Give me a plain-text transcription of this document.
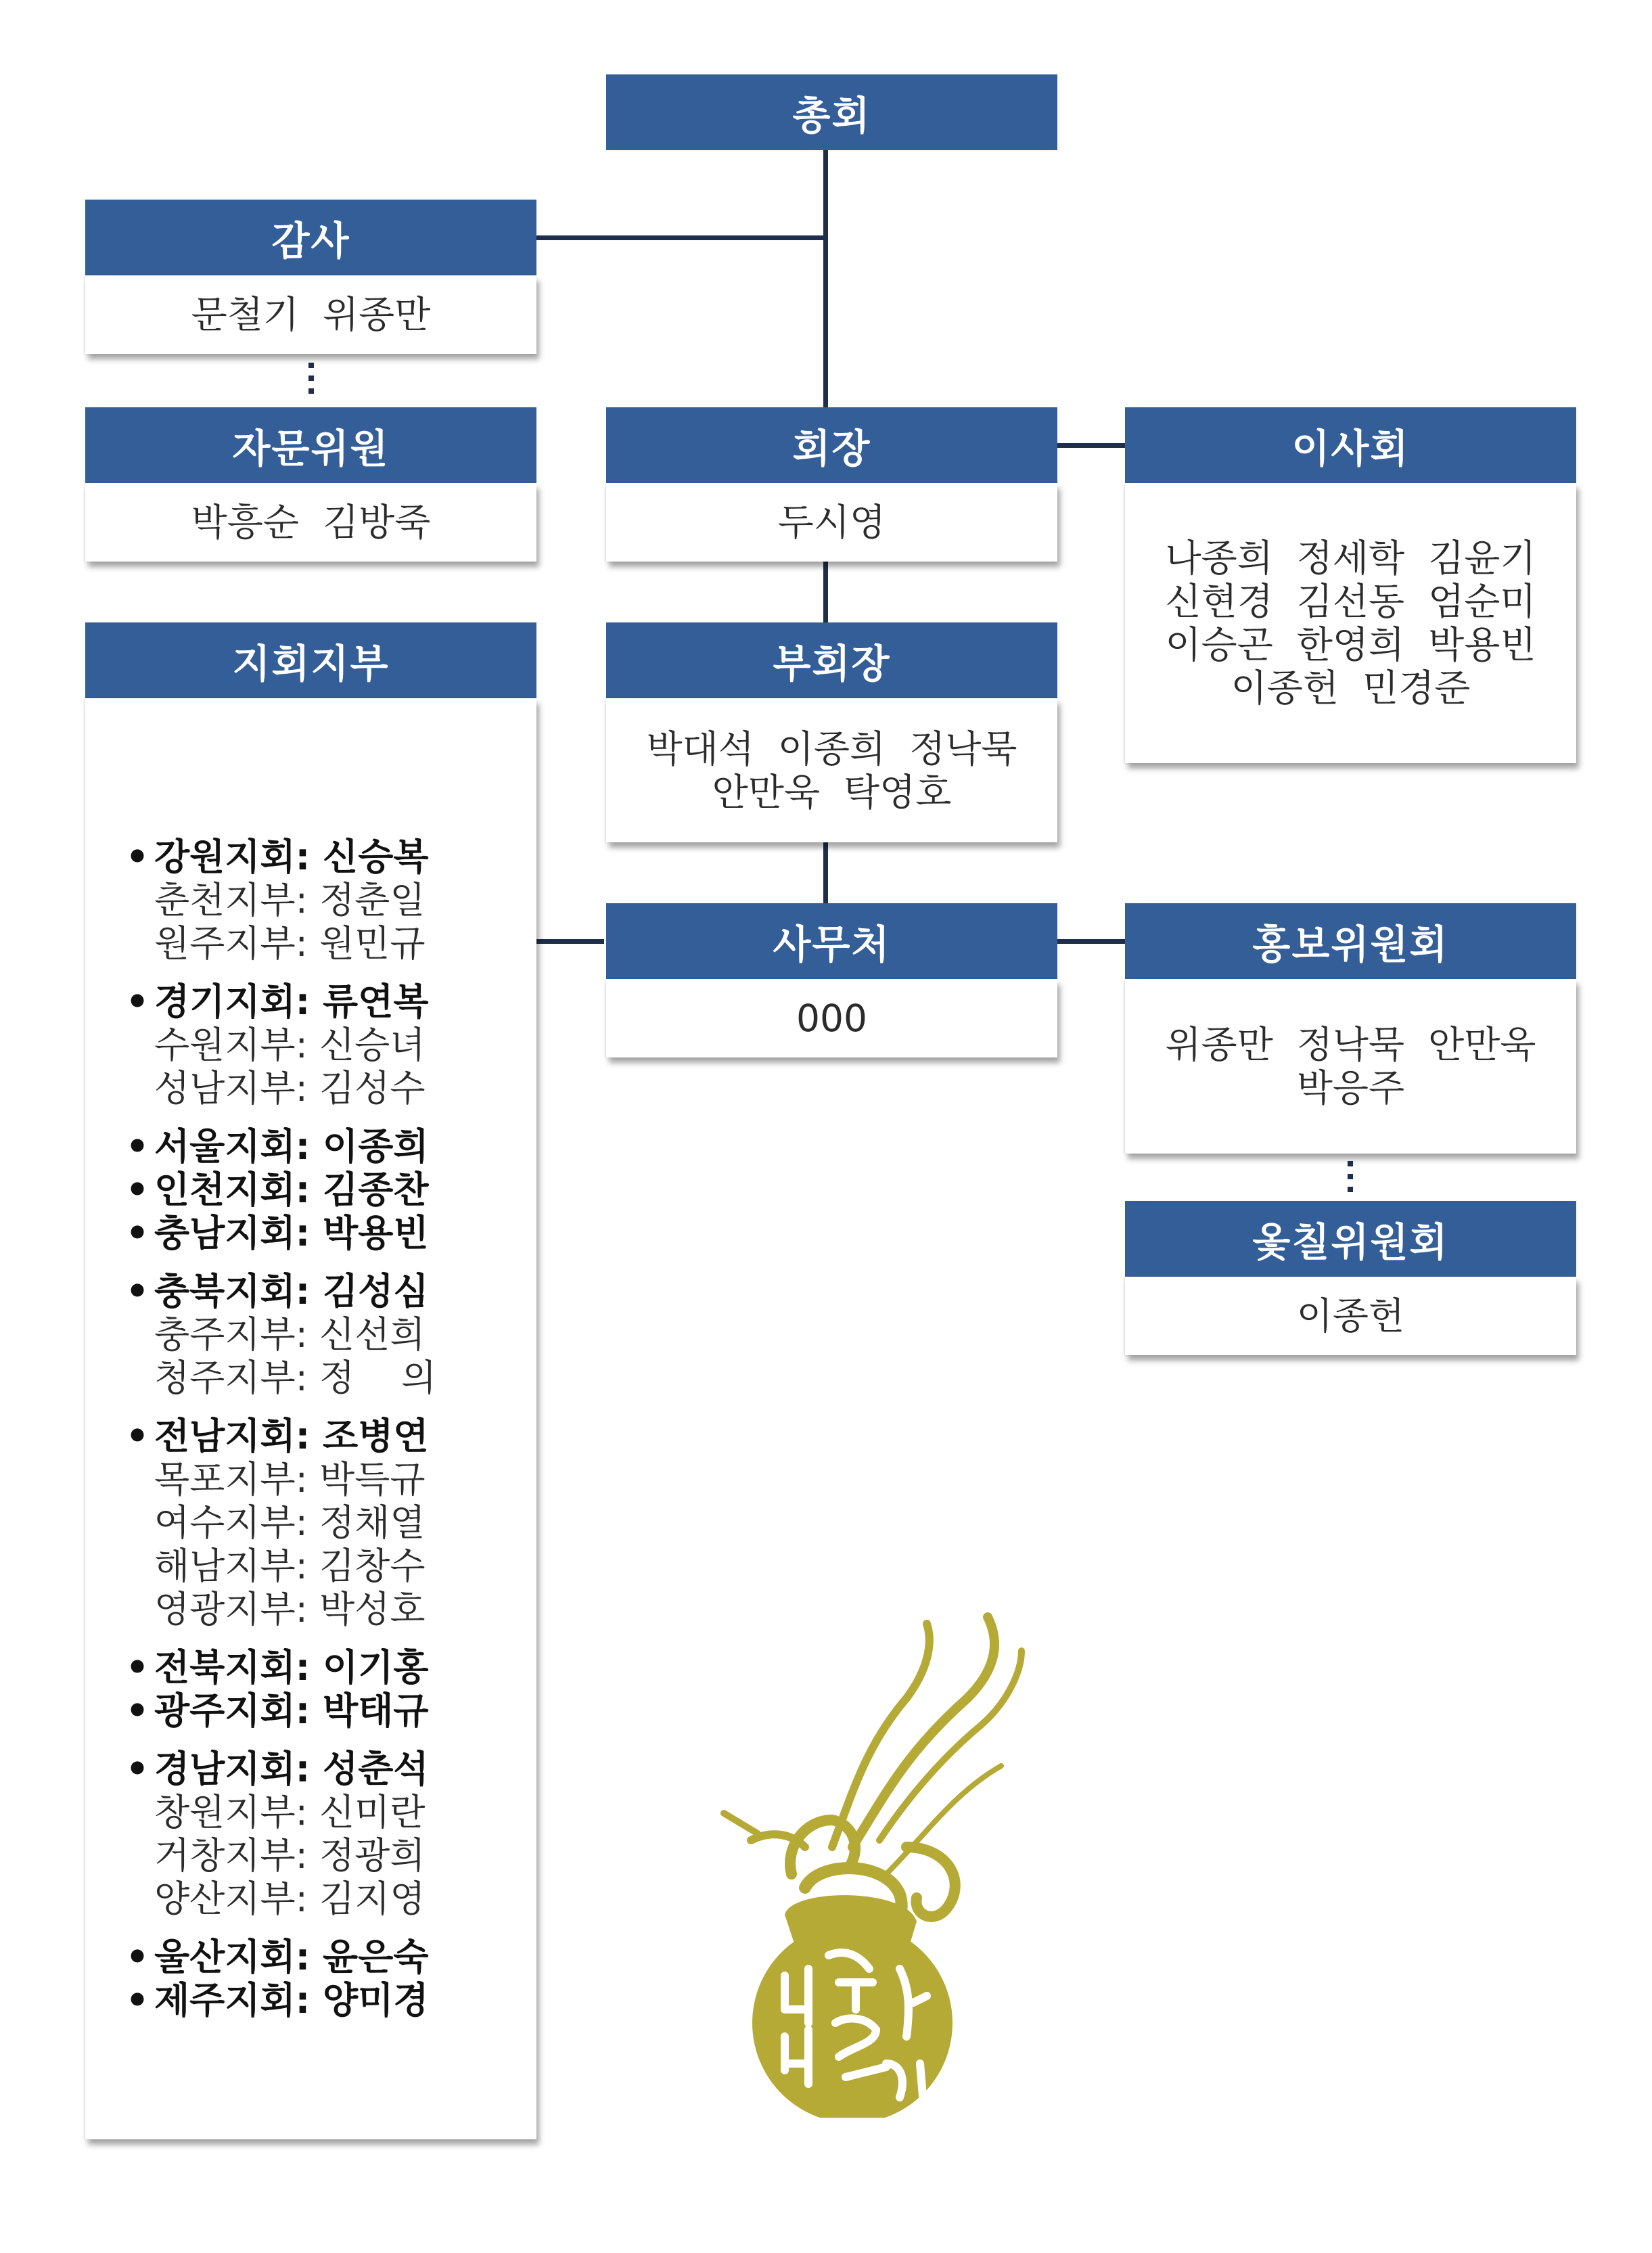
총회
감사
문철기  위종만
자문위원
박흥순  김방죽
회장
두시영
이사회
나종희  정세학  김윤기
신현경  김선동  엄순미
이승곤  한영희  박용빈
이종헌  민경준
부회장
박대석  이종희  정낙묵
안만욱  탁영호
사무처
000
홍보위원회
위종만  정낙묵  안만욱
박응주
옻칠위원회
이종헌
지회지부
• 강원지회: 신승복
춘천지부: 정춘일
원주지부: 원민규
• 경기지회: 류연복
수원지부: 신승녀
성남지부: 김성수
• 서울지회: 이종희
• 인천지회: 김종찬
• 충남지회: 박용빈
• 충북지회: 김성심
충주지부: 신선희
청주지부: 정    의
• 전남지회: 조병연
목포지부: 박득규
여수지부: 정채열
해남지부: 김창수
영광지부: 박성호
• 전북지회: 이기홍
• 광주지회: 박태규
• 경남지회: 성춘석
창원지부: 신미란
거창지부: 정광희
양산지부: 김지영
• 울산지회: 윤은숙
• 제주지회: 양미경
